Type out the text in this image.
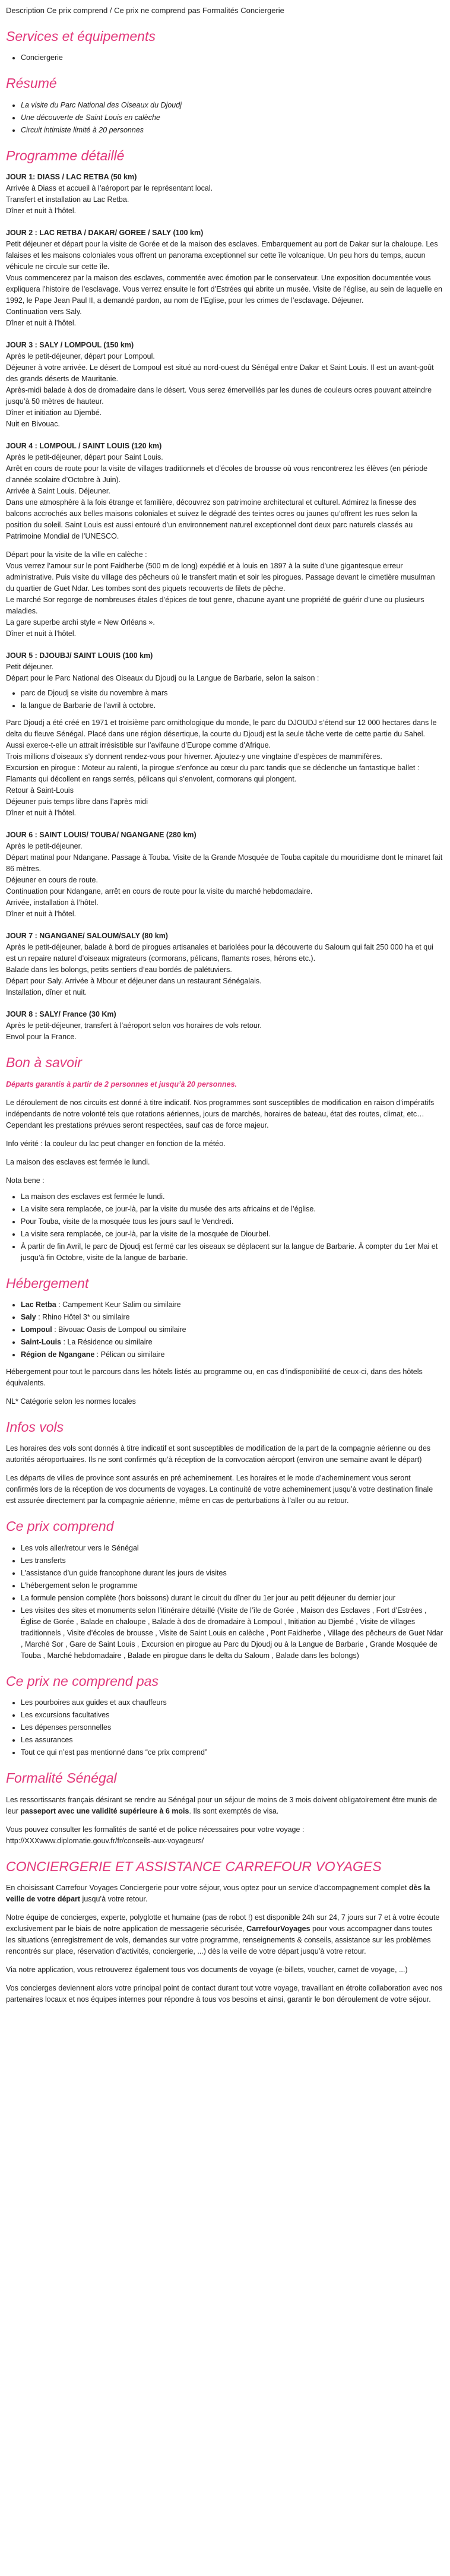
Description Ce prix comprend / Ce prix ne comprend pas Formalités Conciergerie
Services et équipements
• Conciergerie
Résumé
• La visite du Parc National des Oiseaux du Djoudj
• Une découverte de Saint Louis en calèche
• Circuit intimiste limité à 20 personnes
Programme détaillé
JOUR 1: DIASS / LAC RETBA (50 km)
Arrivée à Diass et accueil à l’aéroport par le représentant local.
Transfert et installation au Lac Retba.
Dîner et nuit à l’hôtel.
JOUR 2 : LAC RETBA / DAKAR/ GOREE / SALY (100 km)
Petit déjeuner et départ pour la visite de Gorée et de la maison des esclaves. Embarquement au port de Dakar sur la chaloupe. Les falaises et les maisons coloniales vous offrent un panorama exceptionnel sur cette île volcanique. Un peu hors du temps, aucun véhicule ne circule sur cette île.
Vous commencerez par la maison des esclaves, commentée avec émotion par le conservateur. Une exposition documentée vous expliquera l’histoire de l’esclavage. Vous verrez ensuite le fort d’Estrées qui abrite un musée. Visite de l’église, au sein de laquelle en 1992, le Pape Jean Paul II, a demandé pardon, au nom de l’Eglise, pour les crimes de l’esclavage. Déjeuner.
Continuation vers Saly.
Dîner et nuit à l’hôtel.
JOUR 3 : SALY / LOMPOUL (150 km)
Après le petit-déjeuner, départ pour Lompoul.
Déjeuner à votre arrivée. Le désert de Lompoul est situé au nord-ouest du Sénégal entre Dakar et Saint Louis. Il est un avant-goût des grands déserts de Mauritanie.
Après-midi balade à dos de dromadaire dans le désert. Vous serez émerveillés par les dunes de couleurs ocres pouvant atteindre jusqu’à 50 mètres de hauteur.
Dîner et initiation au Djembé.
Nuit en Bivouac.
JOUR 4 : LOMPOUL / SAINT LOUIS (120 km)
Après le petit-déjeuner, départ pour Saint Louis.
Arrêt en cours de route pour la visite de villages traditionnels et d’écoles de brousse où vous rencontrerez les élèves (en période d’année scolaire d’Octobre à Juin).
Arrivée à Saint Louis. Déjeuner.
Dans une atmosphère à la fois étrange et familière, découvrez son patrimoine architectural et culturel. Admirez la finesse des balcons accrochés aux belles maisons coloniales et suivez le dégradé des teintes ocres ou jaunes qu’offrent les rues selon la position du soleil. Saint Louis est aussi entouré d’un environnement naturel exceptionnel dont deux parc naturels classés au Patrimoine Mondial de l’UNESCO.
Départ pour la visite de la ville en calèche :
Vous verrez l’amour sur le pont Faidherbe (500 m de long) expédié et à louis en 1897 à la suite d’une gigantesque erreur administrative. Puis visite du village des pêcheurs où le transfert matin et soir les pirogues. Passage devant le cimetière musulman du quartier de Guet Ndar. Les tombes sont des piquets recouverts de filets de pêche.
Le marché Sor regorge de nombreuses étales d’épices de tout genre, chacune ayant une propriété de guérir d’une ou plusieurs maladies.
La gare superbe archi style « New Orléans ».
Dîner et nuit à l’hôtel.
JOUR 5 : DJOUBJ/ SAINT LOUIS (100 km)
Petit déjeuner.
Départ pour le Parc National des Oiseaux du Djoudj ou la Langue de Barbarie, selon la saison :
• parc de Djoudj se visite du novembre à mars
• la langue de Barbarie de l’avril à octobre.
Parc Djoudj a été créé en 1971 et troisième parc ornithologique du monde, le parc du DJOUDJ s’étend sur 12 000 hectares dans le delta du fleuve Sénégal. Placé dans une région désertique, la courte du Djoudj est la seule tâche verte de cette partie du Sahel. Aussi exerce-t-elle un attrait irrésistible sur l’avifaune d’Europe comme d’Afrique.
Trois millions d’oiseaux s’y donnent rendez-vous pour hiverner. Ajoutez-y une vingtaine d’espèces de mammifères.
Excursion en pirogue : Moteur au ralenti, la pirogue s’enfonce au cœur du parc tandis que se déclenche un fantastique ballet : Flamants qui décollent en rangs serrés, pélicans qui s’envolent, cormorans qui plongent.
Retour à Saint-Louis
Déjeuner puis temps libre dans l’après midi
Dîner et nuit à l’hôtel.
JOUR 6 : SAINT LOUIS/ TOUBA/ NGANGANE (280 km)
Après le petit-déjeuner.
Départ matinal pour Ndangane. Passage à Touba. Visite de la Grande Mosquée de Touba capitale du mouridisme dont le minaret fait 86 mètres.
Déjeuner en cours de route.
Continuation pour Ndangane, arrêt en cours de route pour la visite du marché hebdomadaire.
Arrivée, installation à l’hôtel.
Dîner et nuit à l’hôtel.
JOUR 7 : NGANGANE/ SALOUM/SALY (80 km)
Après le petit-déjeuner, balade à bord de pirogues artisanales et bariolées pour la découverte du Saloum qui fait 250 000 ha et qui est un repaire naturel d’oiseaux migrateurs (cormorans, pélicans, flamants roses, hérons etc.).
Balade dans les bolongs, petits sentiers d’eau bordés de palétuviers.
Départ pour Saly. Arrivée à Mbour et déjeuner dans un restaurant Sénégalais.
Installation, dîner et nuit.
JOUR 8 : SALY/ France (30 Km)
Après le petit-déjeuner, transfert à l’aéroport selon vos horaires de vols retour.
Envol pour la France.
Bon à savoir

Départs garantis à partir de 2 personnes et jusqu’à 20 personnes.

Le déroulement de nos circuits est donné à titre indicatif. Nos programmes sont susceptibles de modification en raison d’impératifs indépendants de notre volonté tels que rotations aériennes, jours de marchés, horaires de bateau, état des routes, climat, etc… Cependant les prestations prévues seront respectées, sauf cas de force majeur.

Info vérité : la couleur du lac peut changer en fonction de la météo.

La maison des esclaves est fermée le lundi.

Nota bene :
• La maison des esclaves est fermée le lundi.
• La visite sera remplacée, ce jour-là, par la visite du musée des arts africains et de l’église.
• Pour Touba, visite de la mosquée tous les jours sauf le Vendredi.
• La visite sera remplacée, ce jour-là, par la visite de la mosquée de Diourbel.
• À partir de fin Avril, le parc de Djoudj est fermé car les oiseaux se déplacent sur la langue de Barbarie. À compter du 1er Mai et jusqu’à fin Octobre, visite de la langue de barbarie.
Hébergement
• Lac Retba : Campement Keur Salim ou similaire
• Saly : Rhino Hôtel 3* ou similaire
• Lompoul : Bivouac Oasis de Lompoul ou similaire
• Saint-Louis : La Résidence ou similaire
• Région de Ngangane : Pélican ou similaire

Hébergement pour tout le parcours dans les hôtels listés au programme ou, en cas d’indisponibilité de ceux-ci, dans des hôtels équivalents.

NL* Catégorie selon les normes locales

Infos vols

Les horaires des vols sont donnés à titre indicatif et sont susceptibles de modification de la part de la compagnie aérienne ou des autorités aéroportuaires. Ils ne sont confirmés qu’à réception de la convocation aéroport (environ une semaine avant le départ)

Les départs de villes de province sont assurés en pré acheminement. Les horaires et le mode d’acheminement vous seront confirmés lors de la réception de vos documents de voyages. La continuité de votre acheminement jusqu’à votre destination finale est assurée directement par la compagnie aérienne, même en cas de perturbations à l’aller ou au retour.

Ce prix comprend
• Les vols aller/retour vers le Sénégal
• Les transferts
• L’assistance d’un guide francophone durant les jours de visites
• L’hébergement selon le programme
• La formule pension complète (hors boissons) durant le circuit du dîner du 1er jour au petit déjeuner du dernier jour
• Les visites des sites et monuments selon l’itinéraire détaillé (Visite de l’île de Gorée , Maison des Esclaves , Fort d’Estrées , Église de Gorée , Balade en chaloupe , Balade à dos de dromadaire à Lompoul , Initiation au Djembé , Visite de villages traditionnels , Visite d’écoles de brousse , Visite de Saint Louis en calèche , Pont Faidherbe , Village des pêcheurs de Guet Ndar , Marché Sor , Gare de Saint Louis , Excursion en pirogue au Parc du Djoudj ou à la Langue de Barbarie , Grande Mosquée de Touba , Marché hebdomadaire , Balade en pirogue dans le delta du Saloum , Balade dans les bolongs)
Ce prix ne comprend pas
• Les pourboires aux guides et aux chauffeurs
• Les excursions facultatives
• Les dépenses personnelles
• Les assurances
• Tout ce qui n’est pas mentionné dans “ce prix comprend”
Formalité Sénégal

Les ressortissants français désirant se rendre au Sénégal pour un séjour de moins de 3 mois doivent obligatoirement être munis de leur passeport avec une validité supérieure à 6 mois. Ils sont exemptés de visa.

Vous pouvez consulter les formalités de santé et de police nécessaires pour votre voyage : http://XXXwww.diplomatie.gouv.fr/fr/conseils-aux-voyageurs/

CONCIERGERIE ET ASSISTANCE CARREFOUR VOYAGES

En choisissant Carrefour Voyages Conciergerie pour votre séjour, vous optez pour un service d’accompagnement complet dès la veille de votre départ jusqu’à votre retour.

Notre équipe de concierges, experte, polyglotte et humaine (pas de robot !) est disponible 24h sur 24, 7 jours sur 7 et à votre écoute exclusivement par le biais de notre application de messagerie sécurisée, CarrefourVoyages pour vous accompagner dans toutes les situations (enregistrement de vols, demandes sur votre programme, renseignements & conseils, assistance sur les problèmes rencontrés sur place, réservation d’activités, conciergerie, ...) dès la veille de votre départ jusqu’à votre retour.

Via notre application, vous retrouverez également tous vos documents de voyage (e-billets, voucher, carnet de voyage, ...)

Vos concierges deviennent alors votre principal point de contact durant tout votre voyage, travaillant en étroite collaboration avec nos partenaires locaux et nos équipes internes pour répondre à tous vos besoins et ainsi, garantir le bon déroulement de votre séjour.
